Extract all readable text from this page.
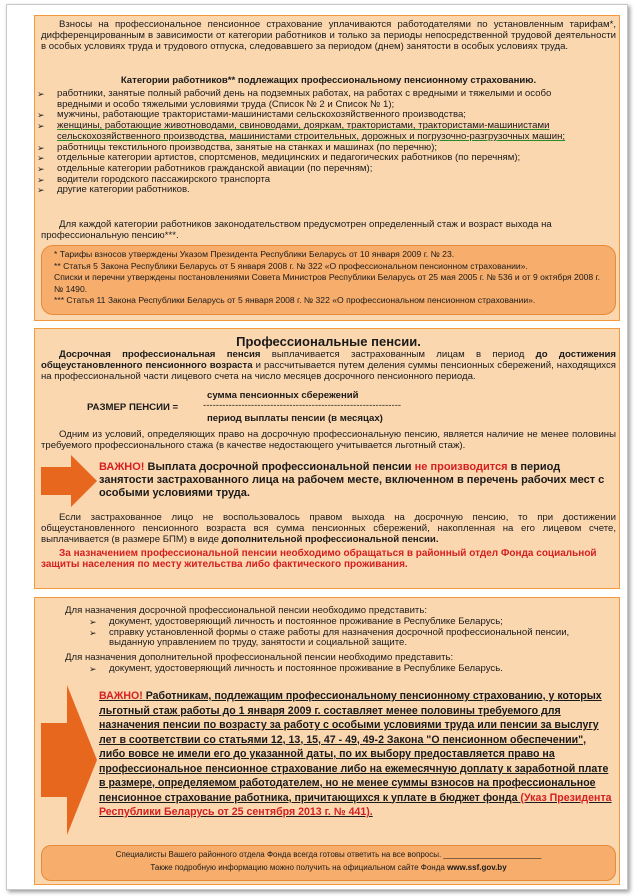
Взносы на профессиональное пенсионное страхование уплачиваются работодателями по установленным тарифам*, дифференцированным в зависимости от категории работников и только за периоды непосредственной трудовой деятельности в особых условиях труда и трудового отпуска, следовавшего за периодом (днем) занятости в особых условиях труда.

Категории работников** подлежащих профессиональному пенсионному страхованию.

➢ работники, занятые полный рабочий день на подземных работах, на работах с вредными и тяжелыми и особо вредными и особо тяжелыми условиями труда (Список № 2 и Список № 1);
➢ мужчины, работающие трактористами-машинистами сельскохозяйственного производства;
➢ женщины, работающие животноводами, свиноводами, дояркам, трактористами, трактористами-машинистами сельскохозяйственного производства, машинистами строительных, дорожных и погрузочно-разгрузочных машин;
➢ работницы текстильного производства, занятые на станках и машинах (по перечню);
➢ отдельные категории артистов, спортсменов, медицинских и педагогических работников (по перечням);
➢ отдельные категории работников гражданской авиации (по перечням);
➢ водители городского пассажирского транспорта
➢ другие категории работников.

Для каждой категории работников законодательством предусмотрен определенный стаж и возраст выхода на профессиональную пенсию***.

* Тарифы взносов утверждены Указом Президента Республики Беларусь от 10 января 2009 г. № 23.

** Статья 5 Закона Республики Беларусь от 5 января 2008 г. № 322 «О профессиональном пенсионном страховании».

Списки и перечни утверждены постановлениями Совета Министров Республики Беларусь от 25 мая 2005 г. № 536 и от 9 октября 2008 г. № 1490.

*** Статья 11 Закона Республики Беларусь от 5 января 2008 г. № 322 «О профессиональном пенсионном страховании».

Профессиональные пенсии.

Досрочная профессиональная пенсия выплачивается застрахованным лицам в период до достижения общеустановленного пенсионного возраста и рассчитывается путем деления суммы пенсионных сбережений, находящихся на профессиональной части лицевого счета на число месяцев досрочного пенсионного периода.

сумма пенсионных сбережений

РАЗМЕР ПЕНСИИ =	--------------------------------------------------------------

период выплаты пенсии (в месяцах)

Одним из условий, определяющих право на досрочную профессиональную пенсию, является наличие не менее половины требуемого профессионального стажа (в качестве недостающего учитывается льготный стаж).

ВАЖНО! Выплата досрочной профессиональной пенсии не производится в период занятости застрахованного лица на рабочем месте, включенном в перечень рабочих мест с особыми условиями труда.

Если застрахованное лицо не воспользовалось правом выхода на досрочную пенсию, то при достижении общеустановленного пенсионного возраста вся сумма пенсионных сбережений, накопленная на его лицевом счете, выплачивается (в размере БПМ) в виде дополнительной профессиональной пенсии.

За назначением профессиональной пенсии необходимо обращаться в районный отдел Фонда социальной защиты населения по месту жительства либо фактического проживания.

Для назначения досрочной профессиональной пенсии необходимо представить:

➢ документ, удостоверяющий личность и постоянное проживание в Республике Беларусь;
➢ справку установленной формы о стаже работы для назначения досрочной профессиональной пенсии, выданную управлением по труду, занятости и социальной защите.

Для назначения дополнительной профессиональной пенсии необходимо представить:

➢ документ, удостоверяющий личность и постоянное проживание в Республике Беларусь.

ВАЖНО! Работникам, подлежащим профессиональному пенсионному страхованию, у которых льготный стаж работы до 1 января 2009 г. составляет менее половины требуемого для назначения пенсии по возрасту за работу с особыми условиями труда или пенсии за выслугу лет в соответствии со статьями 12, 13, 15, 47 - 49, 49-2 Закона "О пенсионном обеспечении", либо вовсе не имели его до указанной даты, по их выбору предоставляется право на профессиональное пенсионное страхование либо на ежемесячную доплату к заработной плате в размере, определяемом работодателем, но не менее суммы взносов на профессиональное пенсионное страхование работника, причитающихся к уплате в бюджет фонда (Указ Президента Республики Беларусь от 25 сентября 2013 г. № 441).

Специалисты Вашего районного отдела Фонда всегда готовы ответить на все вопросы. ______________________
Также подробную информацию можно получить на официальном сайте Фонда www.ssf.gov.by
